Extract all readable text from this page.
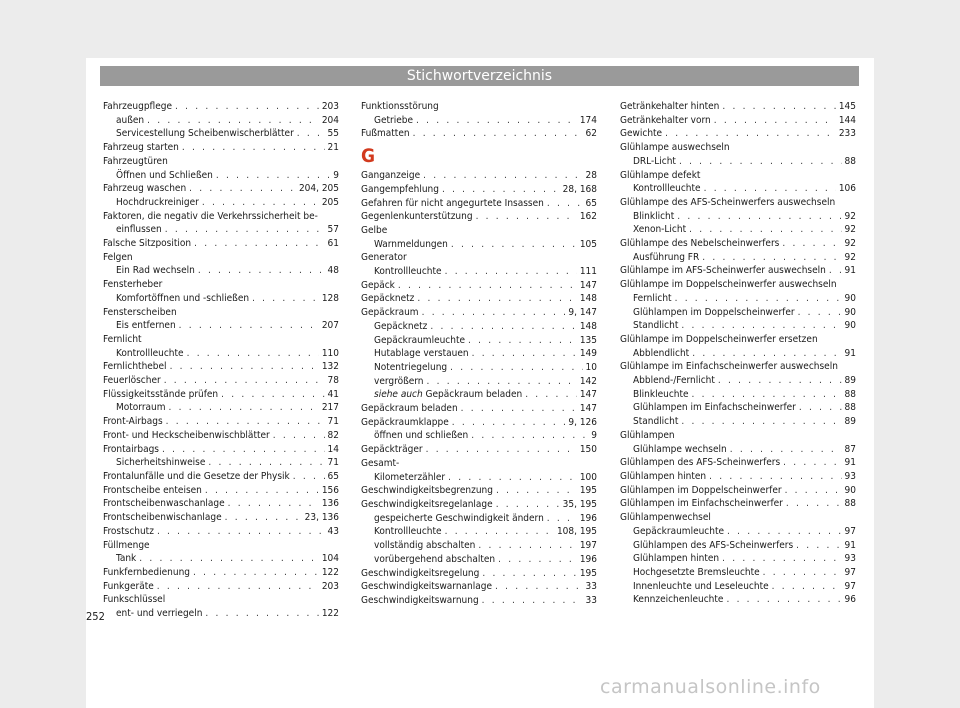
Stichwortverzeichnis
Fahrzeugpflege . . .	203
außen . . .	204
Servicestellung Scheibenwischerblätter . . .	55
Fahrzeug starten . . .	21
Fahrzeugtüren
Öffnen und Schließen . . .	9
Fahrzeug waschen . . .	204, 205
Hochdruckreiniger . . .	205
Faktoren, die negativ die Verkehrssicherheit be-
einflussen . . .	57
Falsche Sitzposition . . .	61
Felgen
Ein Rad wechseln . . .	48
Fensterheber
Komfortöffnen und -schließen . . .	128
Fensterscheiben
Eis entfernen . . .	207
Fernlicht
Kontrollleuchte . . .	110
Fernlichthebel . . .	132
Feuerlöscher . . .	78
Flüssigkeitsstände prüfen . . .	41
Motorraum . . .	217
Front-Airbags . . .	71
Front- und Heckscheibenwischblätter . . .	82
Frontairbags . . .	14
Sicherheitshinweise . . .	71
Frontalunfälle und die Gesetze der Physik . . .	65
Frontscheibe enteisen . . .	156
Frontscheibenwaschanlage . . .	136
Frontscheibenwischanlage . . .	23, 136
Frostschutz . . .	43
Füllmenge
Tank . . .	104
Funkfernbedienung . . .	122
Funkgeräte . . .	203
Funkschlüssel
ent- und verriegeln . . .	122
Funktionsstörung
Getriebe . . .	174
Fußmatten . . .	62
G
Ganganzeige . . .	28
Gangempfehlung . . .	28, 168
Gefahren für nicht angegurtete Insassen . . .	65
Gegenlenkunterstützung . . .	162
Gelbe
Warnmeldungen . . .	105
Generator
Kontrollleuchte . . .	111
Gepäck . . .	147
Gepäcknetz . . .	148
Gepäckraum . . .	9, 147
Gepäcknetz . . .	148
Gepäckraumleuchte . . .	135
Hutablage verstauen . . .	149
Notentriegelung . . .	10
vergrößern . . .	142
siehe auch Gepäckraum beladen . . .	147
Gepäckraum beladen . . .	147
Gepäckraumklappe . . .	9, 126
öffnen und schließen . . .	9
Gepäckträger . . .	150
Gesamt-
Kilometerzähler . . .	100
Geschwindigkeitsbegrenzung . . .	195
Geschwindigkeitsregelanlage . . .	35, 195
gespeicherte Geschwindigkeit ändern . . .	196
Kontrollleuchte . . .	108, 195
vollständig abschalten . . .	197
vorübergehend abschalten . . .	196
Geschwindigkeitsregelung . . .	195
Geschwindigkeitswarnanlage . . .	33
Geschwindigkeitswarnung . . .	33
Getränkehalter hinten . . .	145
Getränkehalter vorn . . .	144
Gewichte . . .	233
Glühlampe auswechseln
DRL-Licht . . .	88
Glühlampe defekt
Kontrollleuchte . . .	106
Glühlampe des AFS-Scheinwerfers auswechseln
Blinklicht . . .	92
Xenon-Licht . . .	92
Glühlampe des Nebelscheinwerfers . . .	92
Ausführung FR . . .	92
Glühlampe im AFS-Scheinwerfer auswechseln . . . 91
Glühlampe im Doppelscheinwerfer auswechseln
Fernlicht . . .	90
Glühlampen im Doppelscheinwerfer . . .	90
Standlicht . . .	90
Glühlampe im Doppelscheinwerfer ersetzen
Abblendlicht . . .	91
Glühlampe im Einfachscheinwerfer auswechseln
Abblend-/Fernlicht . . .	89
Blinkleuchte . . .	88
Glühlampen im Einfachscheinwerfer . . .	88
Standlicht . . .	89
Glühlampen
Glühlampe wechseln . . .	87
Glühlampen des AFS-Scheinwerfers . . .	91
Glühlampen hinten . . .	93
Glühlampen im Doppelscheinwerfer . . .	90
Glühlampen im Einfachscheinwerfer . . .	88
Glühlampenwechsel
Gepäckraumleuchte . . .	97
Glühlampen des AFS-Scheinwerfers . . .	91
Glühlampen hinten . . .	93
Hochgesetzte Bremsleuchte . . .	97
Innenleuchte und Leseleuchte . . .	97
Kennzeichenleuchte . . .	96
252
carmanualsonline.info
